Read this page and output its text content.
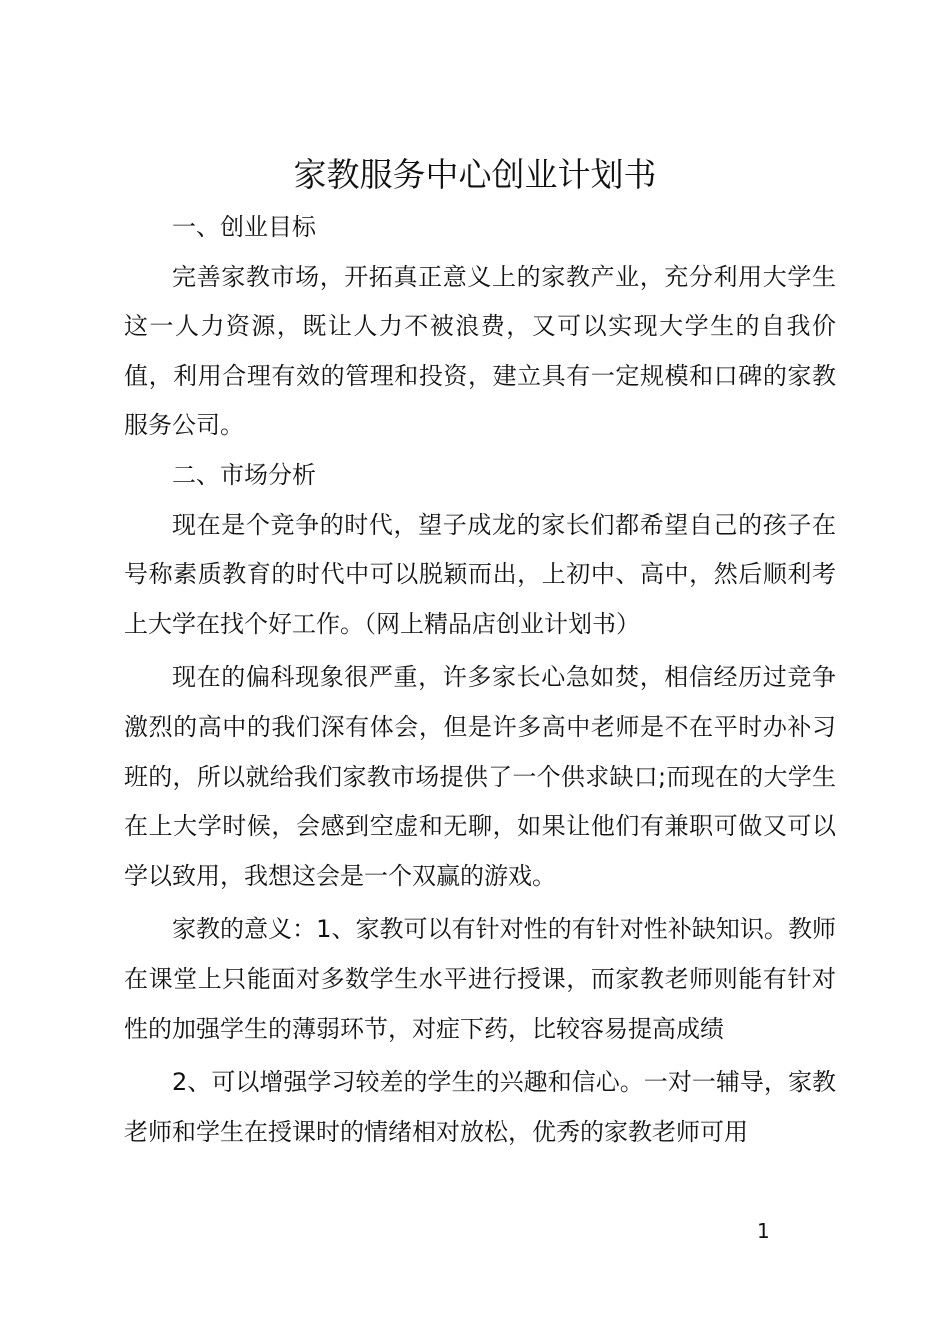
家教服务中心创业计划书

一、创业目标

完善家教市场，开拓真正意义上的家教产业，充分利用大学生这一人力资源，既让人力不被浪费，又可以实现大学生的自我价值，利用合理有效的管理和投资，建立具有一定规模和口碑的家教服务公司。

二、市场分析

现在是个竞争的时代，望子成龙的家长们都希望自己的孩子在号称素质教育的时代中可以脱颖而出，上初中、高中，然后顺利考上大学在找个好工作。（网上精品店创业计划书）

现在的偏科现象很严重，许多家长心急如焚，相信经历过竞争激烈的高中的我们深有体会，但是许多高中老师是不在平时办补习班的，所以就给我们家教市场提供了一个供求缺口;而现在的大学生在上大学时候，会感到空虚和无聊，如果让他们有兼职可做又可以学以致用，我想这会是一个双赢的游戏。

家教的意义：1、家教可以有针对性的有针对性补缺知识。教师在课堂上只能面对多数学生水平进行授课，而家教老师则能有针对性的加强学生的薄弱环节，对症下药，比较容易提高成绩

2、可以增强学习较差的学生的兴趣和信心。一对一辅导，家教老师和学生在授课时的情绪相对放松，优秀的家教老师可用

1
